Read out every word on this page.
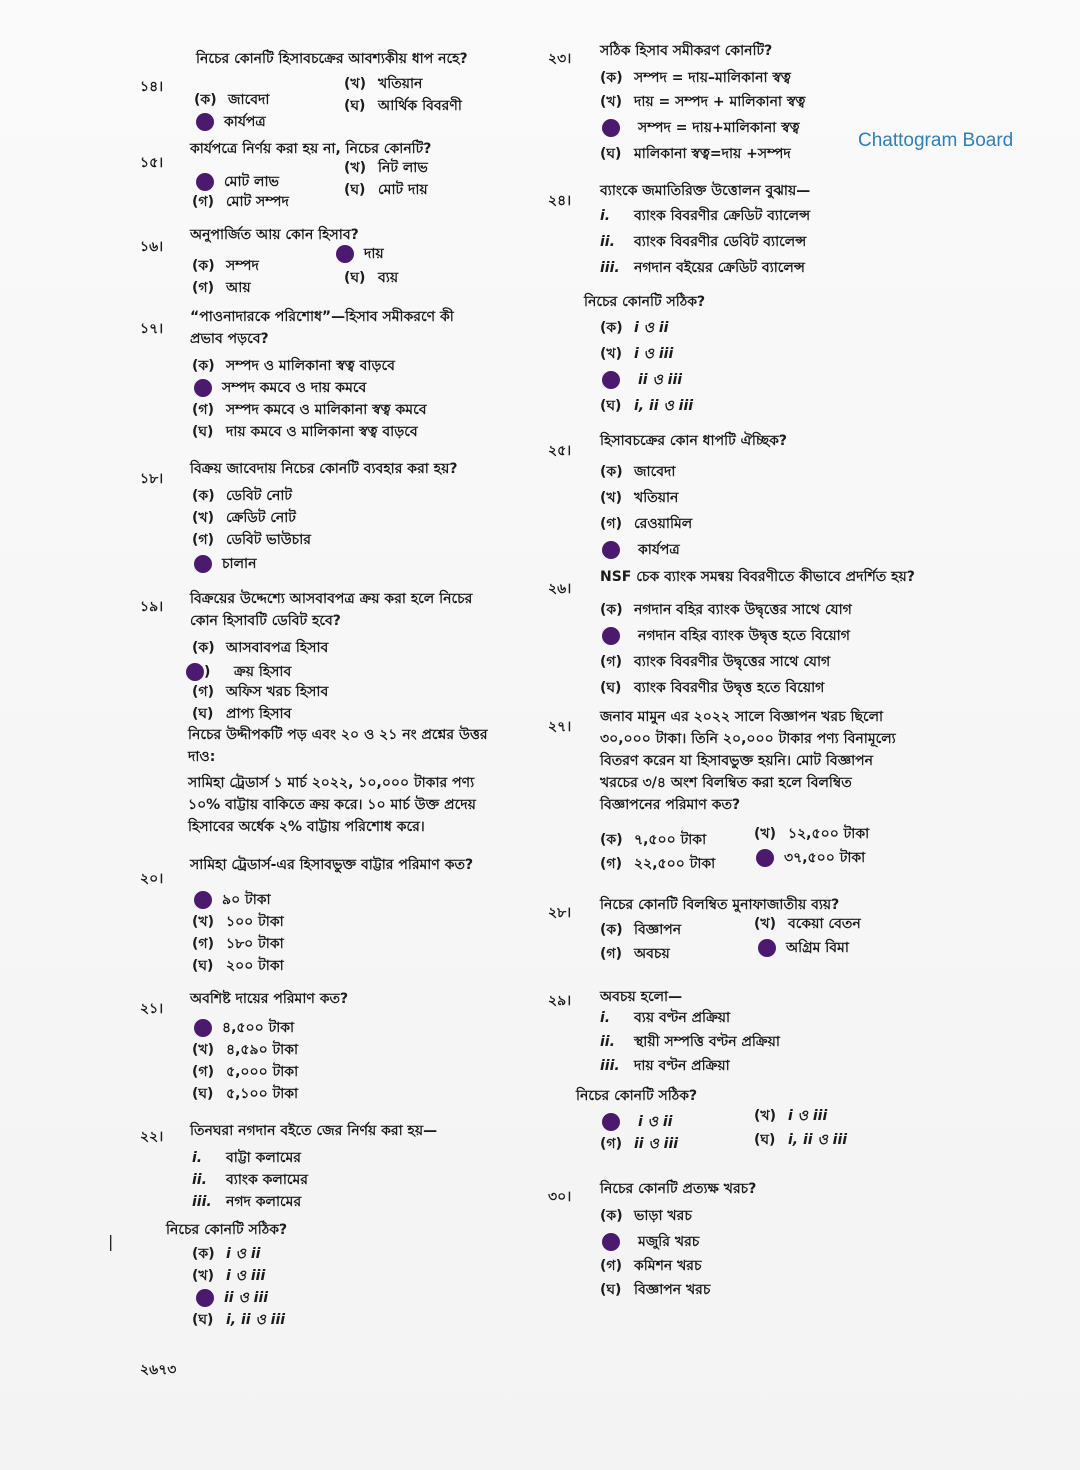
Chattogram Board
১৪।
নিচের কোনটি হিসাবচক্রের আবশ্যকীয় ধাপ নহে?
(ক) জাবেদা
(খ) খতিয়ান
কার্যপত্র
(ঘ) আর্থিক বিবরণী
১৫।
কার্যপত্রে নির্ণয় করা হয় না, নিচের কোনটি?
মোট লাভ
(খ) নিট লাভ
(গ) মোট সম্পদ
(ঘ) মোট দায়
১৬।
অনুপার্জিত আয় কোন হিসাব?
(ক) সম্পদ
দায়
(গ) আয়
(ঘ) ব্যয়
১৭।
“পাওনাদারকে পরিশোধ”—হিসাব সমীকরণে কী প্রভাব পড়বে?
(ক) সম্পদ ও মালিকানা স্বত্ব বাড়বে
সম্পদ কমবে ও দায় কমবে
(গ) সম্পদ কমবে ও মালিকানা স্বত্ব কমবে
(ঘ) দায় কমবে ও মালিকানা স্বত্ব বাড়বে
১৮।
বিক্রয় জাবেদায় নিচের কোনটি ব্যবহার করা হয়?
(ক) ডেবিট নোট
(খ) ক্রেডিট নোট
(গ) ডেবিট ভাউচার
চালান
১৯। বিক্রয়ের উদ্দেশ্যে আসবাবপত্র ক্রয় করা হলে নিচের কোন হিসাবটি ডেবিট হবে?
(ক) আসবাবপত্র হিসাব
) ক্রয় হিসাব
(গ) অফিস খরচ হিসাব
(ঘ) প্রাপ্য হিসাব
নিচের উদ্দীপকটি পড় এবং ২০ ও ২১ নং প্রশ্নের উত্তর দাও:
সামিহা ট্রেডার্স ১ মার্চ ২০২২, ১০,০০০ টাকার পণ্য ১০% বাট্টায় বাকিতে ক্রয় করে। ১০ মার্চ উক্ত প্রদেয় হিসাবের অর্ধেক ২% বাট্টায় পরিশোধ করে।
২০।
সামিহা ট্রেডার্স-এর হিসাবভুক্ত বাট্টার পরিমাণ কত?
৯০ টাকা
(খ) ১০০ টাকা
(গ) ১৮০ টাকা
(ঘ) ২০০ টাকা
২১।
অবশিষ্ট দায়ের পরিমাণ কত?
৪,৫০০ টাকা
(খ) ৪,৫৯০ টাকা
(গ) ৫,০০০ টাকা
(ঘ) ৫,১০০ টাকা
২২। তিনঘরা নগদান বইতে জের নির্ণয় করা হয়—
i. বাট্টা কলামের
ii. ব্যাংক কলামের
iii. নগদ কলামের
নিচের কোনটি সঠিক?
(ক) i ও ii
(খ) i ও iii
ii ও iii
(ঘ) i, ii ও iii
২৩। সঠিক হিসাব সমীকরণ কোনটি?
(ক) সম্পদ = দায়–মালিকানা স্বত্ব
(খ) দায় = সম্পদ + মালিকানা স্বত্ব
সম্পদ = দায়+মালিকানা স্বত্ব
(ঘ) মালিকানা স্বত্ব=দায় +সম্পদ
২৪।
ব্যাংকে জমাতিরিক্ত উত্তোলন বুঝায়—
i. ব্যাংক বিবরণীর ক্রেডিট ব্যালেন্স
ii. ব্যাংক বিবরণীর ডেবিট ব্যালেন্স
iii. নগদান বইয়ের ক্রেডিট ব্যালেন্স
নিচের কোনটি সঠিক?
(ক) i ও ii
(খ) i ও iii
ii ও iii
(ঘ) i, ii ও iii
২৫।
হিসাবচক্রের কোন ধাপটি ঐচ্ছিক?
(ক) জাবেদা
(খ) খতিয়ান
(গ) রেওয়ামিল
কার্যপত্র
২৬।
NSF চেক ব্যাংক সমন্বয় বিবরণীতে কীভাবে প্রদর্শিত হয়?
(ক) নগদান বহির ব্যাংক উদ্বৃত্তের সাথে যোগ
নগদান বহির ব্যাংক উদ্বৃত্ত হতে বিয়োগ
(গ) ব্যাংক বিবরণীর উদ্বৃত্তের সাথে যোগ
(ঘ) ব্যাংক বিবরণীর উদ্বৃত্ত হতে বিয়োগ
২৭।
জনাব মামুন এর ২০২২ সালে বিজ্ঞাপন খরচ ছিলো ৩০,০০০ টাকা। তিনি ২০,০০০ টাকার পণ্য বিনামূল্যে বিতরণ করেন যা হিসাবভুক্ত হয়নি। মোট বিজ্ঞাপন খরচের ৩/৪ অংশ বিলম্বিত করা হলে বিলম্বিত বিজ্ঞাপনের পরিমাণ কত?
(ক) ৭,৫০০ টাকা	(খ) ১২,৫০০ টাকা
(গ) ২২,৫০০ টাকা	৩৭,৫০০ টাকা
২৮। নিচের কোনটি বিলম্বিত মুনাফাজাতীয় ব্যয়?
(ক) বিজ্ঞাপন	(খ) বকেয়া বেতন
(গ) অবচয়	অগ্রিম বিমা
২৯। অবচয় হলো—
i. ব্যয় বণ্টন প্রক্রিয়া
ii. স্থায়ী সম্পত্তি বণ্টন প্রক্রিয়া
iii. দায় বণ্টন প্রক্রিয়া
নিচের কোনটি সঠিক?
i ও ii	(খ) i ও iii
(গ) ii ও iii	(ঘ) i, ii ও iii
৩০। নিচের কোনটি প্রত্যক্ষ খরচ?
(ক) ভাড়া খরচ
মজুরি খরচ
(গ) কমিশন খরচ
(ঘ) বিজ্ঞাপন খরচ
|
২৬৭৩
